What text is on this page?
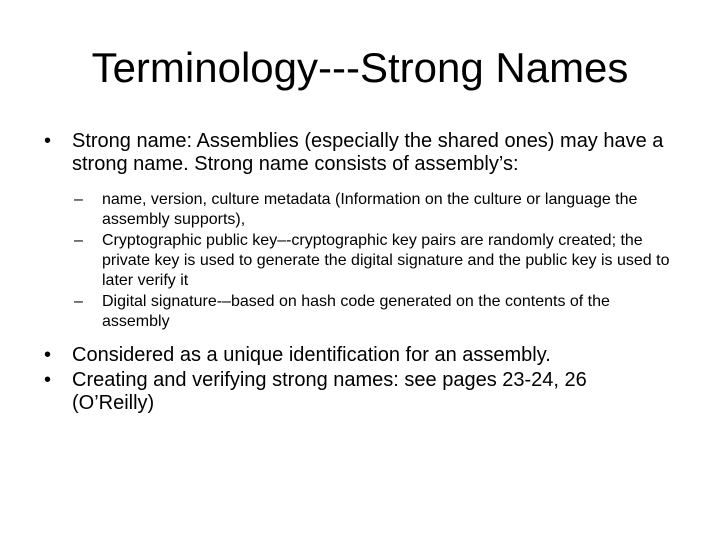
Terminology---Strong Names
• Strong name: Assemblies (especially the shared ones) may have a strong name. Strong name consists of assembly’s:
– name, version, culture metadata (Information on the culture or language the assembly supports),
– Cryptographic public key–-cryptographic key pairs are randomly created; the private key is used to generate the digital signature and the public key is used to later verify it
– Digital signature-–based on hash code generated on the contents of the assembly
• Considered as a unique identification for an assembly.
• Creating and verifying strong names: see pages 23-24, 26 (O’Reilly)
